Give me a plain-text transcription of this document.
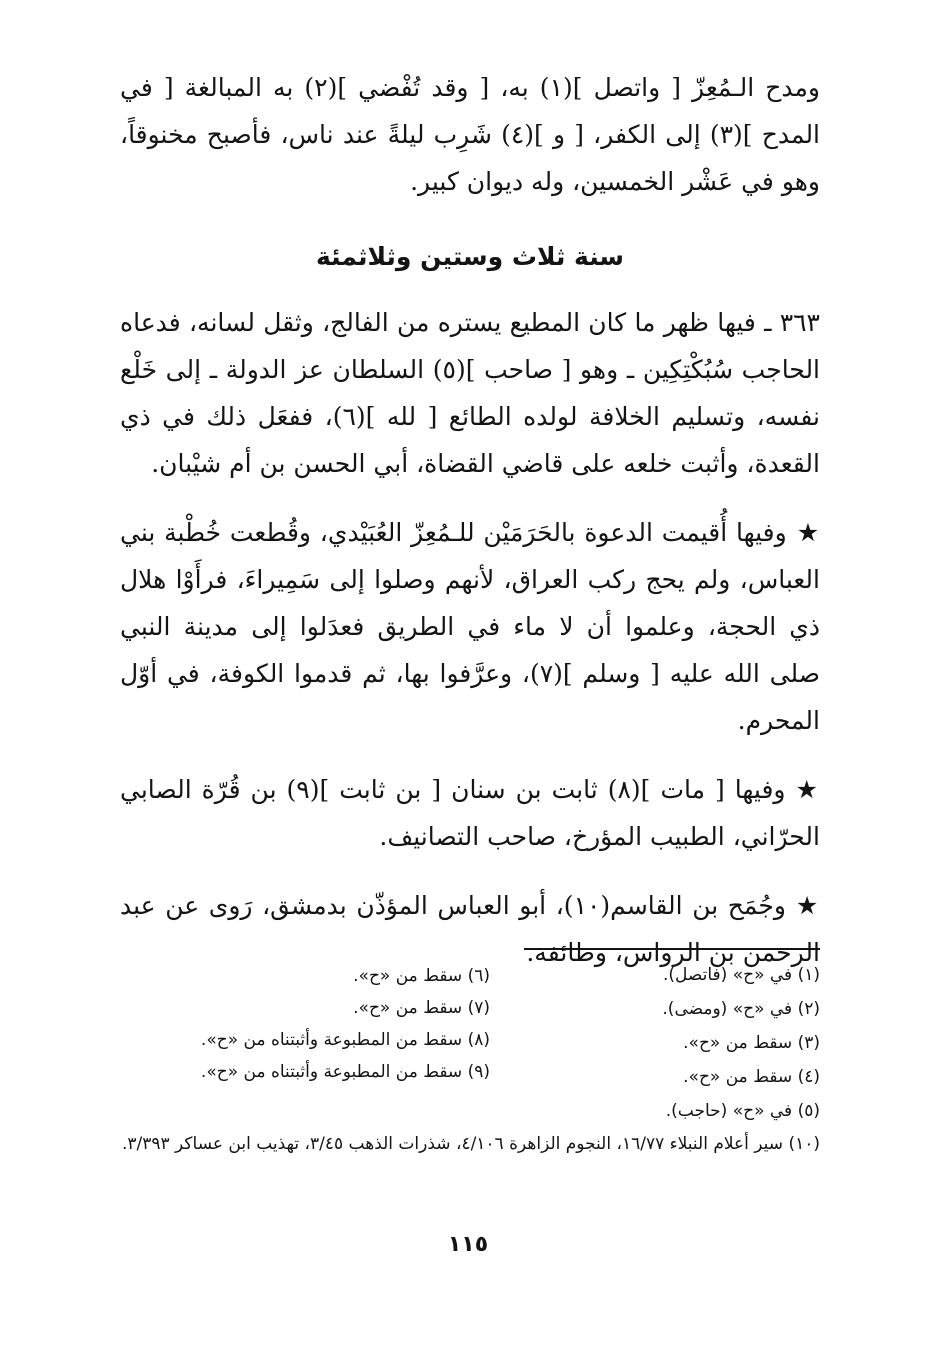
ومدح الـمُعِزّ [ واتصل ](١) به، [ وقد تُفْضي ](٢) به المبالغة [ في المدح ](٣) إلى الكفر، [ و ](٤) شَرِب ليلةً عند ناس، فأصبح مخنوقاً، وهو في عَشْر الخمسين، وله ديوان كبير.

سنة ثلاث وستين وثلاثمئة

٣٦٣ ـ فيها ظهر ما كان المطيع يستره من الفالج، وثقل لسانه، فدعاه الحاجب سُبُكْتِكِين ـ وهو [ صاحب ](٥) السلطان عز الدولة ـ إلى خَلْع نفسه، وتسليم الخلافة لولده الطائع [ لله ](٦)، ففعَل ذلك في ذي القعدة، وأثبت خلعه على قاضي القضاة، أبي الحسن بن أم شيْبان.

★وفيها أُقيمت الدعوة بالحَرَمَيْن للـمُعِزّ العُبَيْدي، وقُطعت خُطْبة بني العباس، ولم يحج ركب العراق، لأنهم وصلوا إلى سَمِيراءَ، فرأَوْا هلال ذي الحجة، وعلموا أن لا ماء في الطريق فعدَلوا إلى مدينة النبي صلى الله عليه [ وسلم ](٧)، وعرَّفوا بها، ثم قدموا الكوفة، في أوّل المحرم.

★وفيها [ مات ](٨) ثابت بن سنان [ بن ثابت ](٩) بن قُرّة الصابي الحرّاني، الطبيب المؤرخ، صاحب التصانيف.

★وجُمَح بن القاسم(١٠)، أبو العباس المؤذّن بدمشق، رَوى عن عبد الرحمن بن الرواس، وطائفة.

(١) في «ح» (فاتصل).
(٢) في «ح» (ومضى).
(٣) سقط من «ح».
(٤) سقط من «ح».
(٥) في «ح» (حاجب).
(٦) سقط من «ح».
(٧) سقط من «ح».
(٨) سقط من المطبوعة وأثبتناه من «ح».
(٩) سقط من المطبوعة وأثبتناه من «ح».
(١٠) سير أعلام النبلاء ١٦/٧٧، النجوم الزاهرة ٤/١٠٦، شذرات الذهب ٣/٤٥، تهذيب ابن عساكر ٣/٣٩٣.
١١٥
